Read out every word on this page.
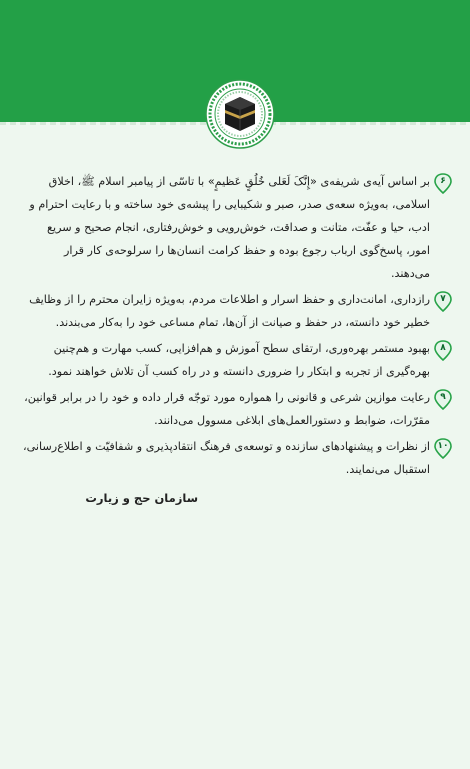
۶

بر اساس آیه‌ی شریفه‌ی «إِنَّکَ لَعَلی خُلُقٍ عَظیمٍ» با تاسّی از پیامبر اسلام ﷺ، اخلاق اسلامی، به‌ویژه سعه‌ی صدر، صبر و شکیبایی را پیشه‌ی خود ساخته و با رعایت احترام و ادب، حیا و عفّت، متانت و صداقت، خوش‌رویی و خوش‌رفتاری، انجام صحیح و سریع امور، پاسخ‌گوی ارباب رجوع بوده و حفظ کرامت انسان‌ها را سرلوحه‌ی کار قرار می‌دهند.

۷

رازداری، امانت‌داری و حفظ اسرار و اطلاعات مردم، به‌ویژه زایران محترم را از وظایف خطیر خود دانسته، در حفظ و صیانت از آن‌ها، تمام مساعی خود را به‌کار می‌بندند.

۸

بهبود مستمر بهره‌وری، ارتقای سطح آموزش و هم‌افزایی، کسب مهارت و هم‌چنین بهره‌گیری از تجربه و ابتکار را ضروری دانسته و در راه کسب آن تلاش خواهند نمود.

۹

رعایت موازین شرعی و قانونی را همواره مورد توجّه قرار داده و خود را در برابر قوانین، مقرّرات، ضوابط و دستورالعمل‌های ابلاغی مسوول می‌دانند.

۱۰

از نظرات و پیشنهادهای سازنده و توسعه‌ی فرهنگ انتقادپذیری و شفافیّت و اطلاع‌رسانی، استقبال می‌نمایند.

سازمان حج و زیارت
